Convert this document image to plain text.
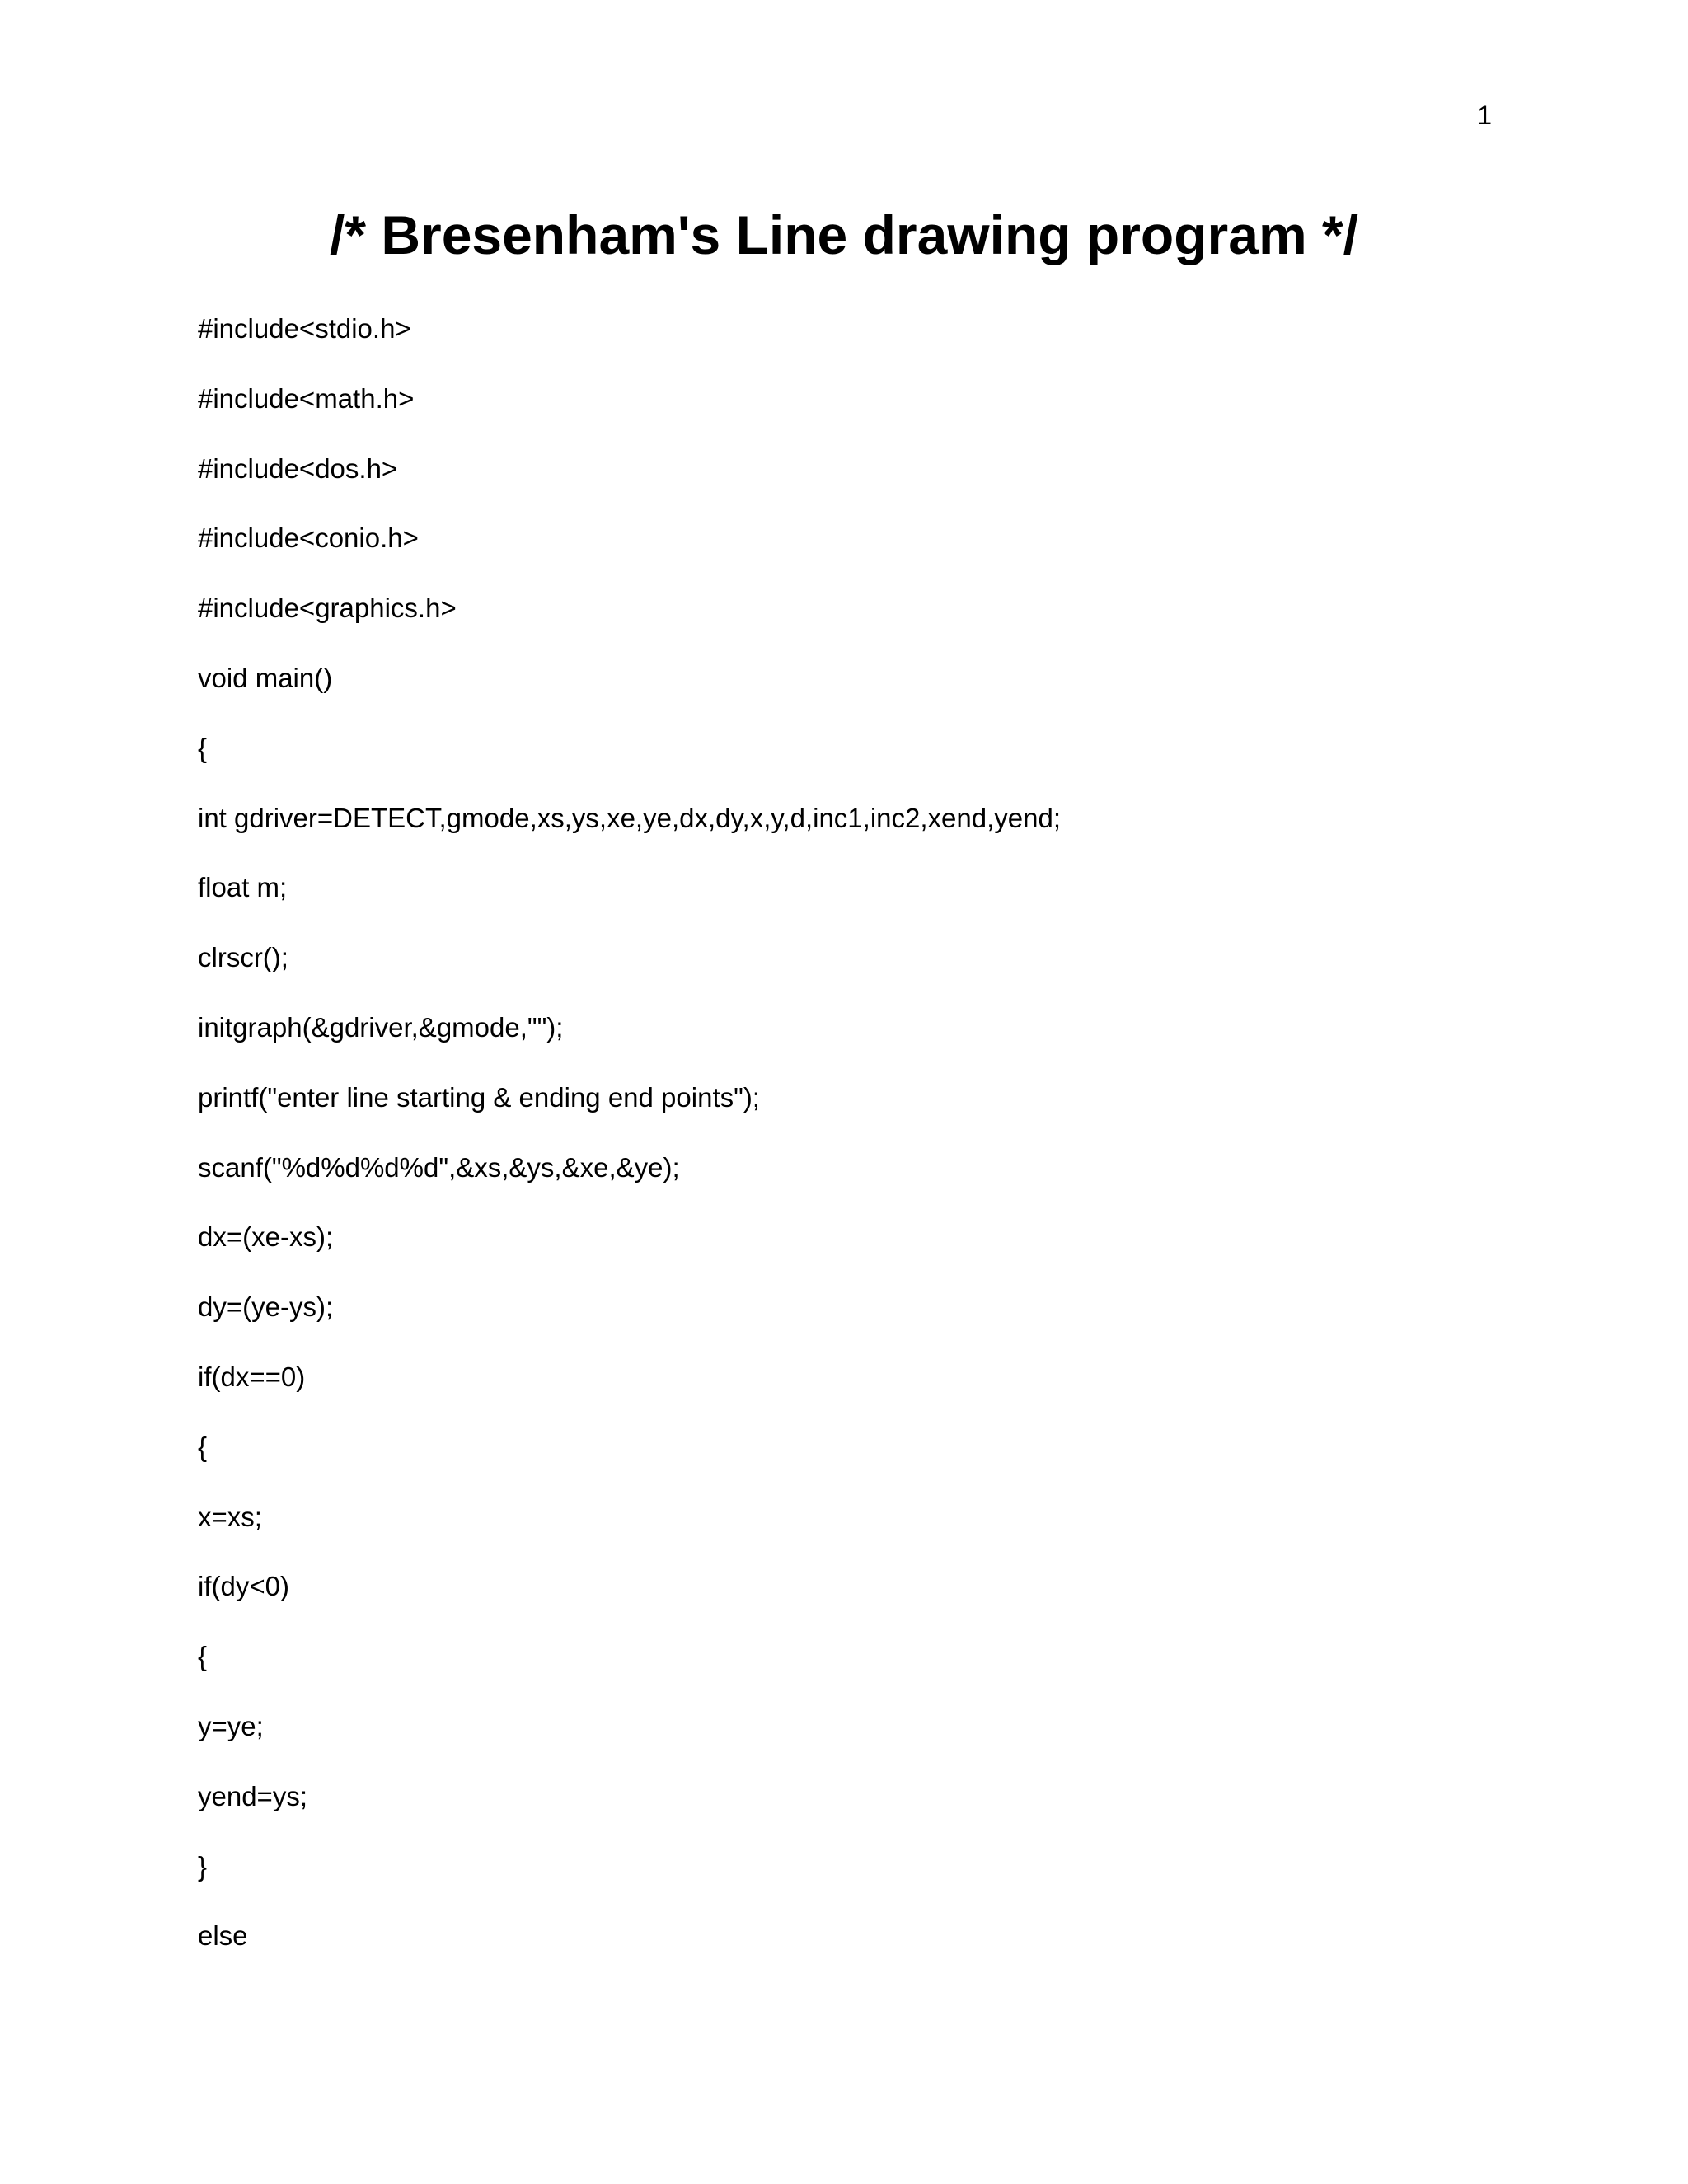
1
/* Bresenham's Line drawing program */
#include<stdio.h>
#include<math.h>
#include<dos.h>
#include<conio.h>
#include<graphics.h>
void main()
{
int gdriver=DETECT,gmode,xs,ys,xe,ye,dx,dy,x,y,d,inc1,inc2,xend,yend;
float m;
clrscr();
initgraph(&gdriver,&gmode,"");
printf("enter line starting & ending end points");
scanf("%d%d%d%d",&xs,&ys,&xe,&ye);
dx=(xe-xs);
dy=(ye-ys);
if(dx==0)
{
x=xs;
if(dy<0)
{
y=ye;
yend=ys;
}
else
